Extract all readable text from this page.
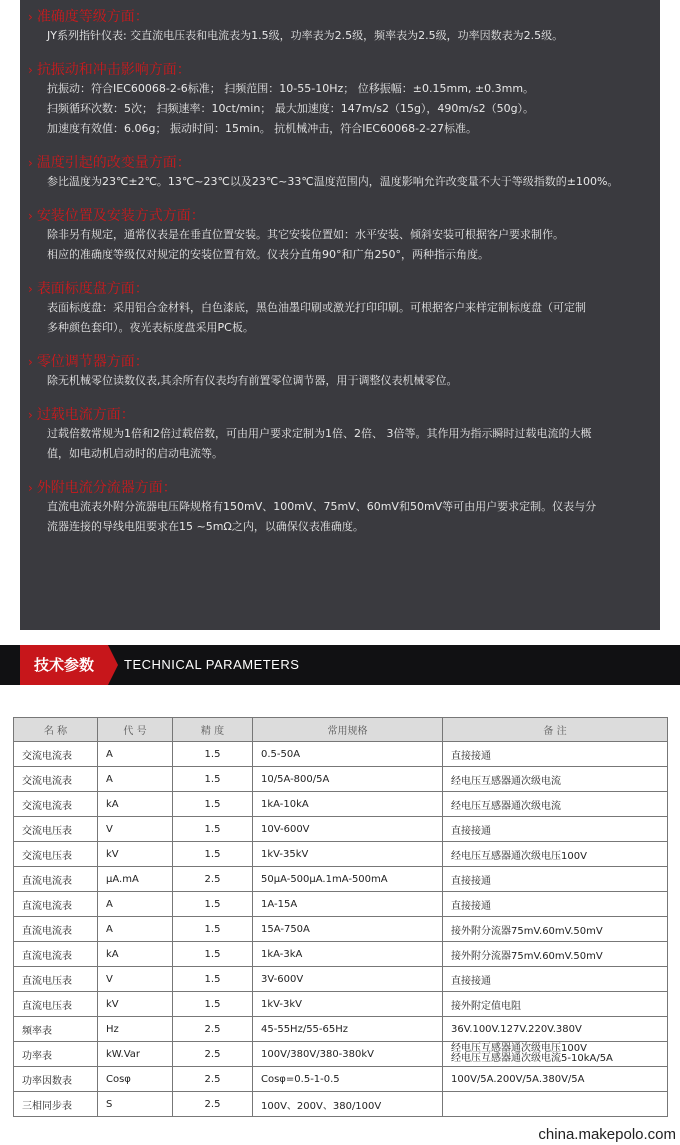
› 准确度等级方面：
JY系列指针仪表: 交直流电压表和电流表为1.5级，功率表为2.5级，频率表为2.5级，功率因数表为2.5级。
› 抗振动和冲击影响方面：
抗振动：符合IEC60068-2-6标准； 扫频范围：10-55-10Hz； 位移振幅：±0.15mm, ±0.3mm。
扫频循环次数：5次； 扫频速率：10ct/min； 最大加速度：147m/s2（15g），490m/s2（50g）。
加速度有效值：6.06g； 振动时间：15min。 抗机械冲击，符合IEC60068-2-27标准。
› 温度引起的改变量方面：
参比温度为23℃±2℃。13℃~23℃以及23℃~33℃温度范围内，温度影响允许改变量不大于等级指数的±100%。
› 安装位置及安装方式方面：
除非另有规定，通常仪表是在垂直位置安装。其它安装位置如：水平安装、倾斜安装可根据客户要求制作。
相应的准确度等级仅对规定的安装位置有效。仪表分直角90°和广角250°，两种指示角度。
› 表面标度盘方面：
表面标度盘：采用铝合金材料，白色漆底，黑色油墨印刷或激光打印印刷。可根据客户来样定制标度盘（可定制
多种颜色套印）。夜光表标度盘采用PC板。
› 零位调节器方面：
除无机械零位读数仪表,其余所有仪表均有前置零位调节器，用于调整仪表机械零位。
› 过载电流方面：
过载倍数常规为1倍和2倍过载倍数，可由用户要求定制为1倍、2倍、 3倍等。其作用为指示瞬时过载电流的大概
值，如电动机启动时的启动电流等。
› 外附电流分流器方面：
直流电流表外附分流器电压降规格有150mV、100mV、75mV、60mV和50mV等可由用户要求定制。仪表与分
流器连接的导线电阻要求在15 ~5mΩ之内，以确保仪表准确度。
技术参数	TECHNICAL PARAMETERS
名 称	代 号	精 度	常用规格	备 注
交流电流表	A	1.5	0.5-50A	直接接通
交流电流表	A	1.5	10/5A-800/5A	经电压互感器通次级电流
交流电流表	kA	1.5	1kA-10kA	经电压互感器通次级电流
交流电压表	V	1.5	10V-600V	直接接通
交流电压表	kV	1.5	1kV-35kV	经电压互感器通次级电压100V
直流电流表	μA.mA	2.5	50μA-500μA.1mA-500mA	直接接通
直流电流表	A	1.5	1A-15A	直接接通
直流电流表	A	1.5	15A-750A	接外附分流器75mV.60mV.50mV
直流电流表	kA	1.5	1kA-3kA	接外附分流器75mV.60mV.50mV
直流电压表	V	1.5	3V-600V	直接接通
直流电压表	kV	1.5	1kV-3kV	接外附定值电阻
频率表	Hz	2.5	45-55Hz/55-65Hz	36V.100V.127V.220V.380V
功率表	kW.Var	2.5	100V/380V/380-380kV	经电压互感器通次级电压100V
经电压互感器通次级电流5-10kA/5A

功率因数表	Cosφ	2.5	Cosφ=0.5-1-0.5	100V/5A.200V/5A.380V/5A
三相同步表	S	2.5	100V、200V、380/100V	
china.makepolo.com
